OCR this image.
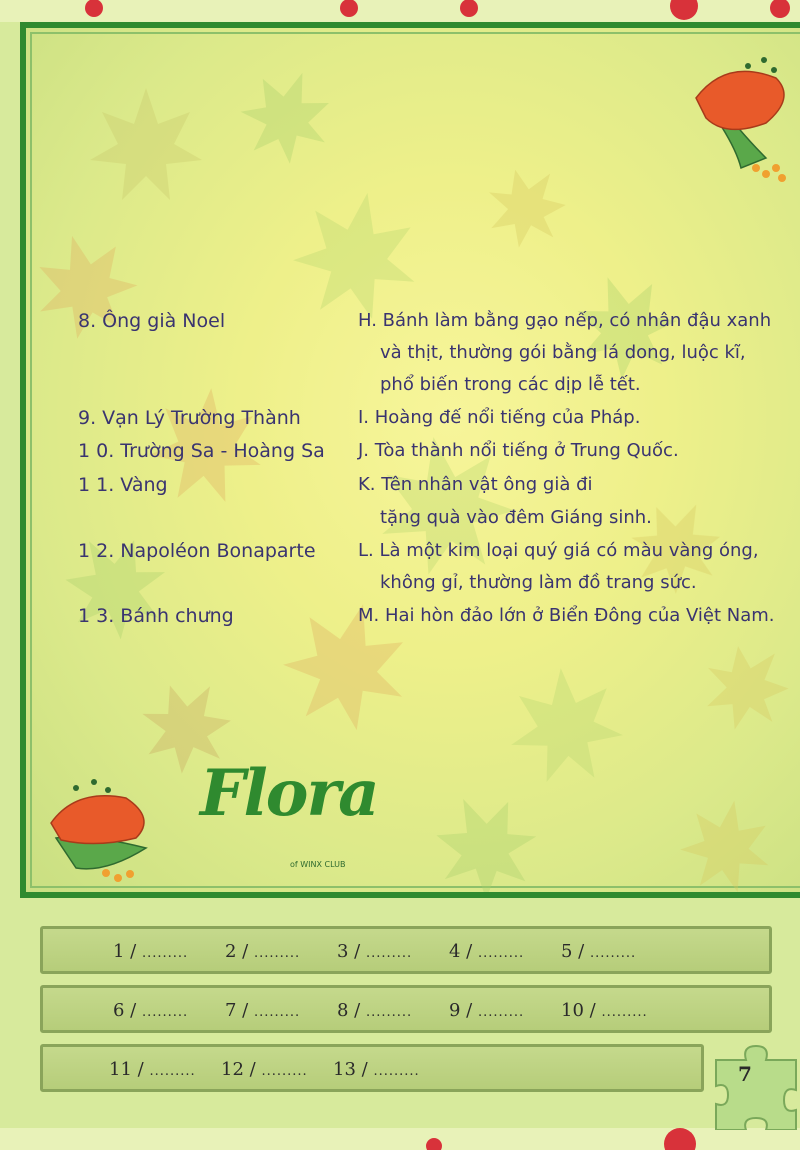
8. Ông già Noel
9. Vạn Lý Trường Thành
1 0. Trường Sa - Hoàng Sa
1 1. Vàng
1 2. Napoléon Bonaparte
1 3. Bánh chưng
H. Bánh làm bằng gạo nếp, có nhân đậu xanh
và thịt, thường gói bằng lá dong, luộc kĩ,
phổ biến trong các dịp lễ tết.
I. Hoàng đế nổi tiếng của Pháp.
J. Tòa thành nổi tiếng ở Trung Quốc.
K. Tên nhân vật ông già đi
tặng quà vào đêm Giáng sinh.
L. Là một kim loại quý giá có màu vàng óng,
không gỉ, thường làm đồ trang sức.
M. Hai hòn đảo lớn ở Biển Đông của Việt Nam.
Flora
of WINX CLUB
1 / ......... 2 / ......... 3 / ......... 4 / ......... 5 / .........
6 / ......... 7 / ......... 8 / ......... 9 / ......... 10 / .........
11 / ......... 12 / ......... 13 / .........	7
